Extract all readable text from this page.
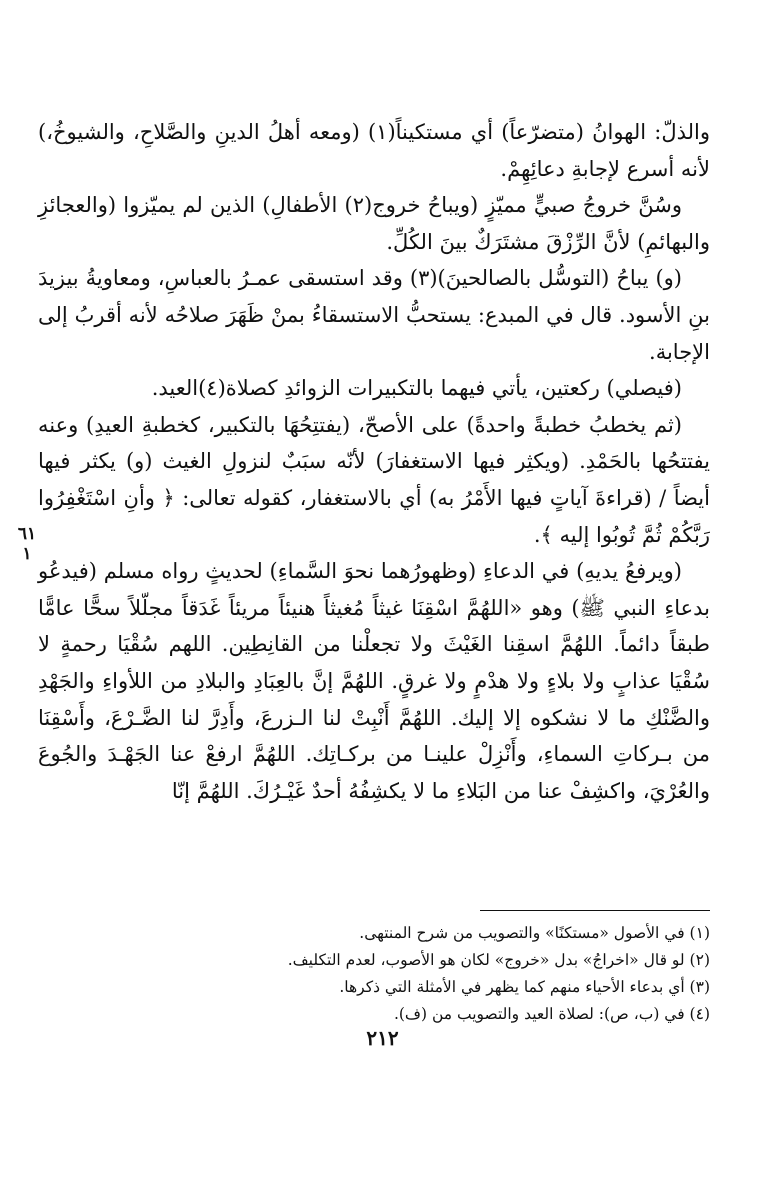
والذلّ: الهوانُ (متضرّعاً) أي مستكيناً(١) (ومعه أهلُ الدينِ والصَّلاحِ، والشيوخُ،) لأنه أسرع لإجابةِ دعائِهِمْ.

وسُنَّ خروجُ صبيٍّ مميّزٍ (ويباحُ خروج(٢) الأطفالِ) الذين لم يميّزوا (والعجائزِ والبهائمِ) لأنَّ الرِّزْقَ مشتَرَكٌ بينَ الكُلِّ.

(و) يباحُ (التوسُّل بالصالحينَ)(٣) وقد استسقى عمـرُ بالعباسِ، ومعاويةُ بيزيدَ بنِ الأسود. قال في المبدع: يستحبُّ الاستسقاءُ بمنْ ظَهَرَ صلاحُه لأنه أقربُ إلى الإجابة.

(فيصلي) ركعتين، يأتي فيهما بالتكبيرات الزوائدِ كصلاة(٤)العيد.

(ثم يخطبُ خطبةً واحدةً) على الأصحّ، (يفتتِحُهَا بالتكبير، كخطبةِ العيدِ) وعنه يفتتحُها بالحَمْدِ. (ويكثِر فيها الاستغفارَ) لأنّه سبَبٌ لنزولِ الغيث (و) يكثر فيها أيضاً / (قراءةَ آياتٍ فيها الأَمْرُ به) أي بالاستغفار، كقوله تعالى: ﴿ وأنِ اسْتَغْفِرُوا رَبَّكُمْ ثُمَّ تُوبُوا إليه ﴾.

(ويرفعُ يديهِ) في الدعاءِ (وظهورُهما نحوَ السَّماءِ) لحديثٍ رواه مسلم (فيدعُو بدعاءِ النبي ﷺ) وهو «اللهُمَّ اسْقِنَا غيثاً مُغيثاً هنيئاً مريئاً غَدَقاً مجلّلاً سحًّا عامًّا طبقاً دائماً. اللهُمَّ اسقِنا الغَيْثَ ولا تجعلْنا من القانِطِين. اللهم سُقْيَا رحمةٍ لا سُقْيَا عذابٍ ولا بلاءٍ ولا هدْمٍ ولا غرقٍ. اللهُمَّ إنَّ بالعِبَادِ والبلادِ من اللأواءِ والجَهْدِ والضَّنْكِ ما لا نشكوه إلا إليك. اللهُمَّ أَنْبِتْ لنا الـزرعَ، وأَدِرَّ لنا الضَّـرْعَ، وأَسْقِنَا من بـركاتِ السماءِ، وأَنْزِلْ علينـا من بركـاتِك. اللهُمَّ ارفعْ عنا الجَهْـدَ والجُوعَ والعُرْيَ، واكشِفْ عنا من البَلاءِ ما لا يكشِفُهُ أحدٌ غَيْـرُكَ. اللهُمَّ إنّا

٦١
١

(١) في الأصول «مستكنًا» والتصويب من شرح المنتهى.

(٢) لو قال «اخراجُ» بدل «خروج» لكان هو الأصوب، لعدم التكليف.

(٣) أي بدعاء الأحياء منهم كما يظهر في الأمثلة التي ذكرها.

(٤) في (ب، ص): لصلاة العيد والتصويب من (ف).

٢١٢
